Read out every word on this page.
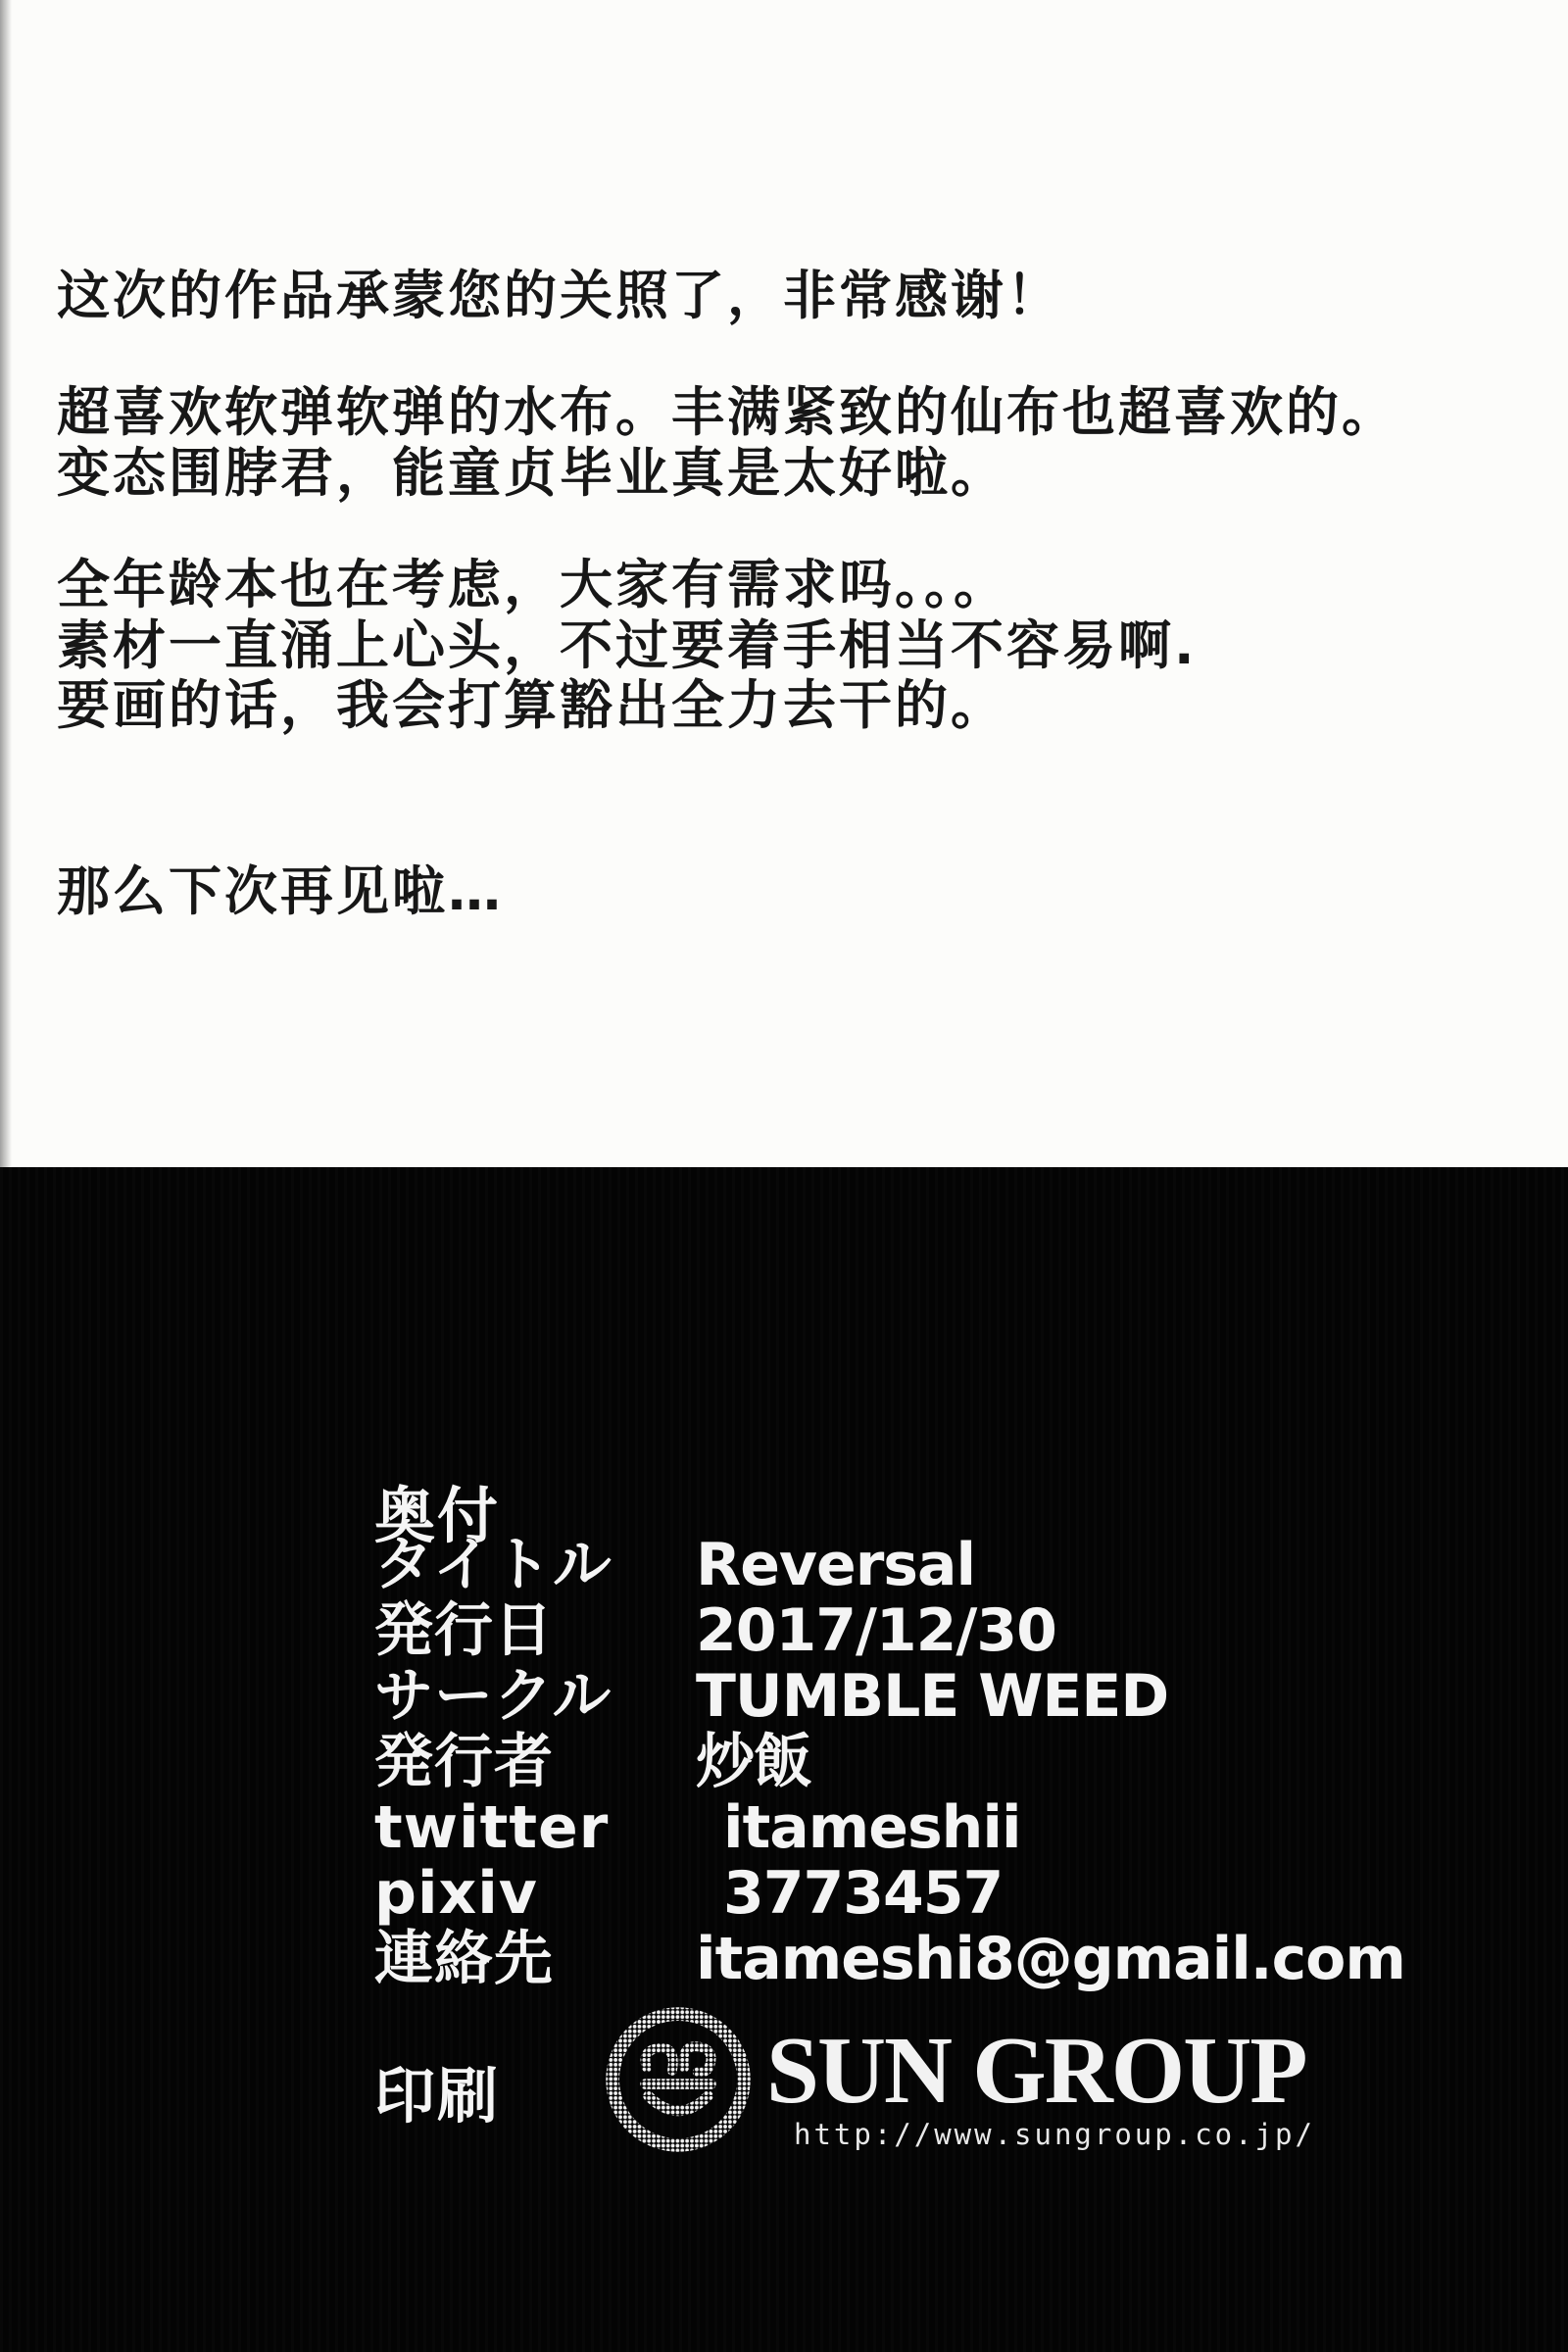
这次的作品承蒙您的关照了，非常感谢！
超喜欢软弹软弹的水布。丰满紧致的仙布也超喜欢的。
变态围脖君，能童贞毕业真是太好啦。
全年龄本也在考虑，大家有需求吗。。。
素材一直涌上心头，不过要着手相当不容易啊.
要画的话，我会打算豁出全力去干的。
那么下次再见啦…
奥付
タイトル	Reversal
発行日	2017/12/30
サークル	TUMBLE WEED
発行者	炒飯
twitter	itameshii
pixiv	3773457
連絡先	itameshi8@gmail.com
印刷	SUN GROUP
http://www.sungroup.co.jp/
